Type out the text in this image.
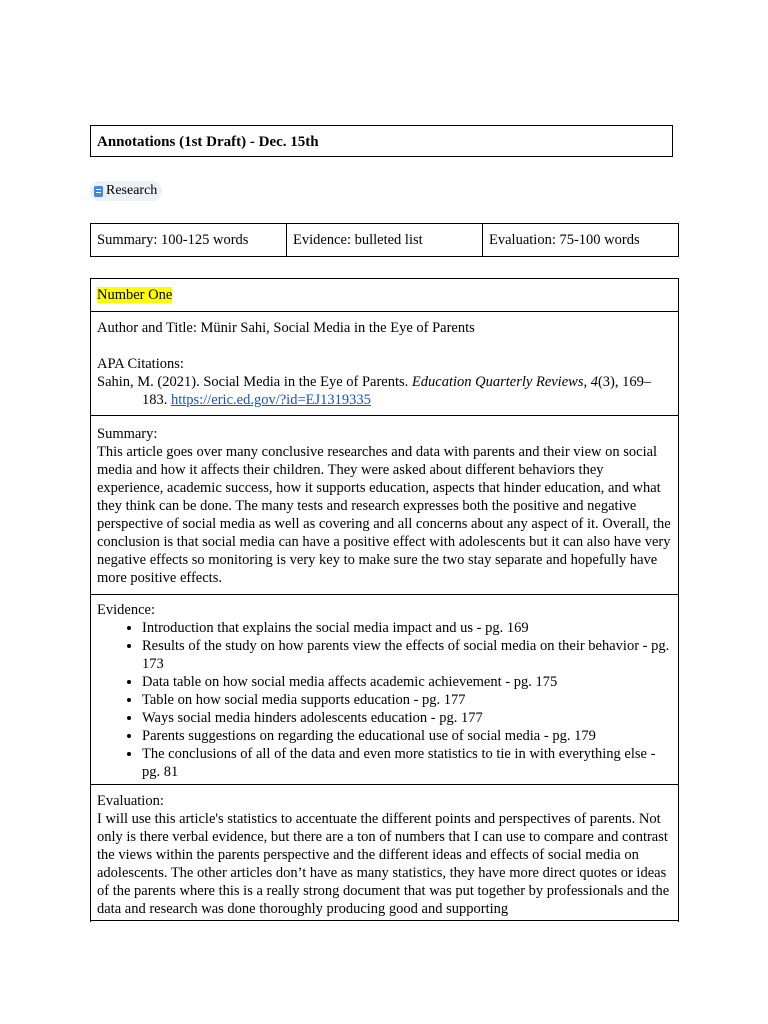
Annotations (1st Draft) - Dec. 15th
Research
Summary: 100-125 words	Evidence: bulleted list	Evaluation: 75-100 words
Number One

Author and Title: Münir Sahi, Social Media in the Eye of Parents
APA Citations:
Sahin, M. (2021). Social Media in the Eye of Parents. Education Quarterly Reviews, 4(3), 169–183. https://eric.ed.gov/?id=EJ1319335

Summary:
This article goes over many conclusive researches and data with parents and their view on social media and how it affects their children. They were asked about different behaviors they experience, academic success, how it supports education, aspects that hinder education, and what they think can be done. The many tests and research expresses both the positive and negative perspective of social media as well as covering and all concerns about any aspect of it. Overall, the conclusion is that social media can have a positive effect with adolescents but it can also have very negative effects so monitoring is very key to make sure the two stay separate and hopefully have more positive effects.

Evidence:
• Introduction that explains the social media impact and us - pg. 169
• Results of the study on how parents view the effects of social media on their behavior - pg. 173
• Data table on how social media affects academic achievement - pg. 175
• Table on how social media supports education - pg. 177
• Ways social media hinders adolescents education - pg. 177
• Parents suggestions on regarding the educational use of social media - pg. 179
• The conclusions of all of the data and even more statistics to tie in with everything else - pg. 81

Evaluation:
I will use this article's statistics to accentuate the different points and perspectives of parents. Not only is there verbal evidence, but there are a ton of numbers that I can use to compare and contrast the views within the parents perspective and the different ideas and effects of social media on adolescents. The other articles don’t have as many statistics, they have more direct quotes or ideas of the parents where this is a really strong document that was put together by professionals and the data and research was done thoroughly producing good and supporting
